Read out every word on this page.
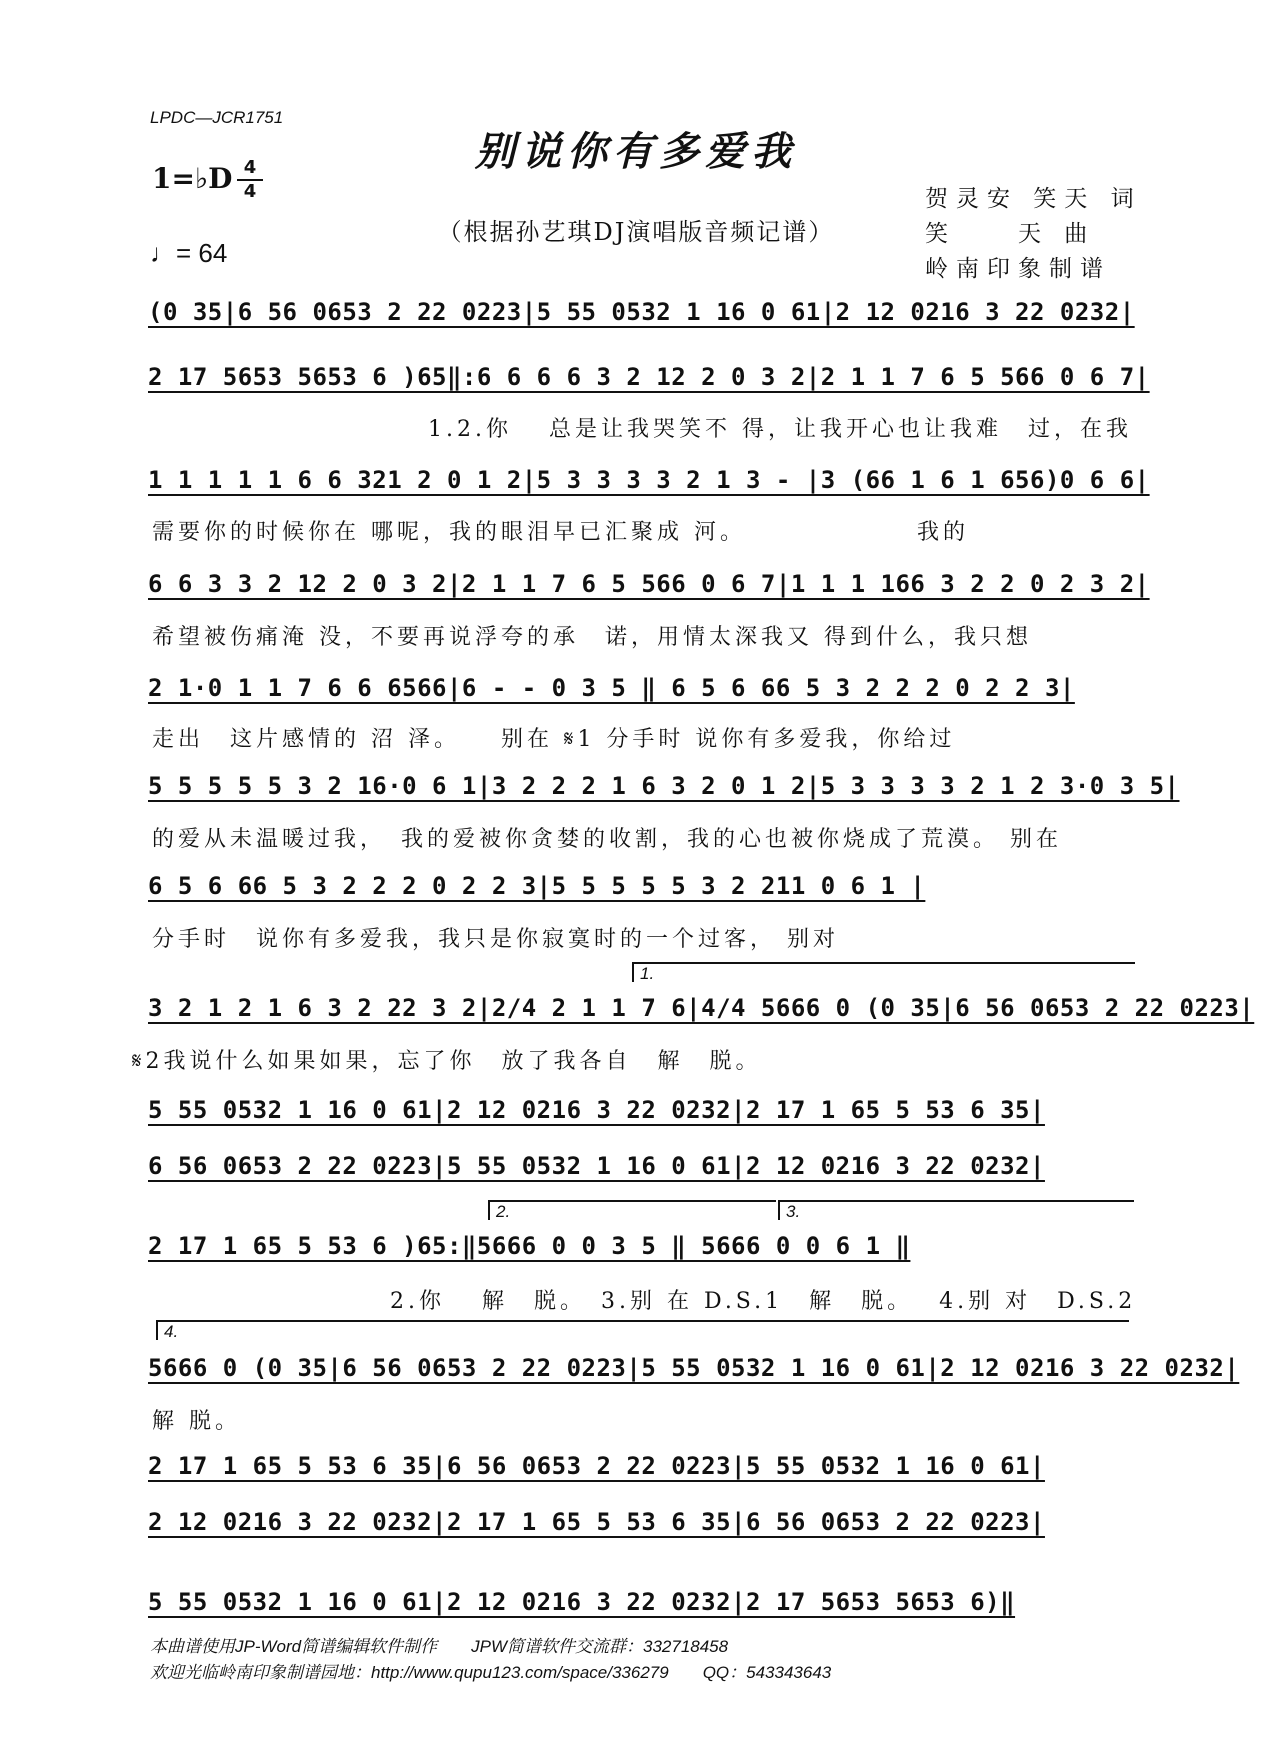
LPDC—JCR1751
别说你有多爱我
（根据孙艺琪DJ演唱版音频记谱）
1=♭D 4
4
♩= 64
贺灵安 笑天 词
笑　　天 曲
岭南印象制谱
(0 35|6 56 0653 2 22 0223|5 55 0532 1 16 0 61|2 12 0216 3 22 0232|
2 17 5653 5653 6 )65‖:6 6 6 6 3 2 12 2 0 3 2|2 1 1 7 6 5 566 0 6 7|
1.2.你　 总是让我哭笑不 得，让我开心也让我难　过，在我
1 1 1 1 1 6 6 321 2 0 1 2|5 3 3 3 3 2 1 3 - |3 (66 1 6 1 656)0 6 6|
需要你的时候你在 哪呢，我的眼泪早已汇聚成 河。　　　　　　　我的
6 6 3 3 2 12 2 0 3 2|2 1 1 7 6 5 566 0 6 7|1 1 1 166 3 2 2 0 2 3 2|
希望被伤痛淹 没，不要再说浮夸的承　诺，用情太深我又 得到什么，我只想
2 1·0 1 1 7 6 6 6566|6 - - 0 3 5 ‖ 6 5 6 66 5 3 2 2 2 0 2 2 3|
走出　这片感情的 沼 泽。　　别在 𝄋1 分手时 说你有多爱我，你给过
5 5 5 5 5 3 2 16·0 6 1|3 2 2 2 1 6 3 2 0 1 2|5 3 3 3 3 2 1 2 3·0 3 5|
的爱从未温暖过我，　我的爱被你贪婪的收割，我的心也被你烧成了荒漠。 别在
6 5 6 66 5 3 2 2 2 0 2 2 3|5 5 5 5 5 3 2 211 0 6 1 |
分手时　说你有多爱我，我只是你寂寞时的一个过客， 别对
1.
3 2 1 2 1 6 3 2 22 3 2|2/4 2 1 1 7 6|4/4 5666 0 (0 35|6 56 0653 2 22 0223|
𝄋2我说什么如果如果，忘了你　放了我各自　解　脱。
5 55 0532 1 16 0 61|2 12 0216 3 22 0232|2 17 1 65 5 53 6 35|
6 56 0653 2 22 0223|5 55 0532 1 16 0 61|2 12 0216 3 22 0232|
2.	3.
2 17 1 65 5 53 6 )65:‖5666 0 0 3 5 ‖ 5666 0 0 6 1 ‖
2.你　 解　脱。　3.别 在 D.S.1　解　脱。　 4.别 对　D.S.2
4.
5666 0 (0 35|6 56 0653 2 22 0223|5 55 0532 1 16 0 61|2 12 0216 3 22 0232|
解 脱。
2 17 1 65 5 53 6 35|6 56 0653 2 22 0223|5 55 0532 1 16 0 61|
2 12 0216 3 22 0232|2 17 1 65 5 53 6 35|6 56 0653 2 22 0223|
5 55 0532 1 16 0 61|2 12 0216 3 22 0232|2 17 5653 5653 6)‖
本曲谱使用JP-Word简谱编辑软件制作　　JPW简谱软件交流群：332718458
欢迎光临岭南印象制谱园地：http://www.qupu123.com/space/336279　　QQ：543343643
